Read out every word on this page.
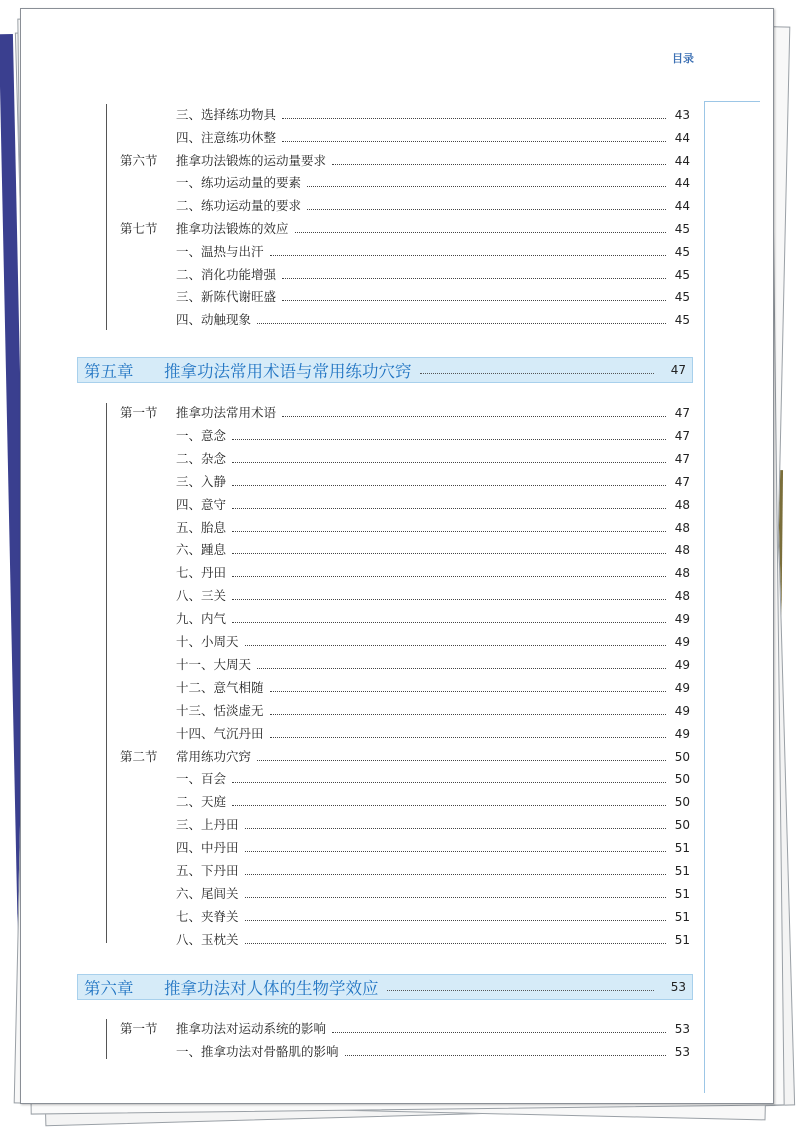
目录
三、选择练功物具	43
四、注意练功休整	44
第六节	推拿功法锻炼的运动量要求	44
一、练功运动量的要素	44
二、练功运动量的要求	44
第七节	推拿功法锻炼的效应	45
一、温热与出汗	45
二、消化功能增强	45
三、新陈代谢旺盛	45
四、动触现象	45
第五章	推拿功法常用术语与常用练功穴窍	47
第一节	推拿功法常用术语	47
一、意念	47
二、杂念	47
三、入静	47
四、意守	48
五、胎息	48
六、踵息	48
七、丹田	48
八、三关	48
九、内气	49
十、小周天	49
十一、大周天	49
十二、意气相随	49
十三、恬淡虚无	49
十四、气沉丹田	49
第二节	常用练功穴窍	50
一、百会	50
二、天庭	50
三、上丹田	50
四、中丹田	51
五、下丹田	51
六、尾闾关	51
七、夹脊关	51
八、玉枕关	51
第六章	推拿功法对人体的生物学效应	53
第一节	推拿功法对运动系统的影响	53
一、推拿功法对骨骼肌的影响	53
